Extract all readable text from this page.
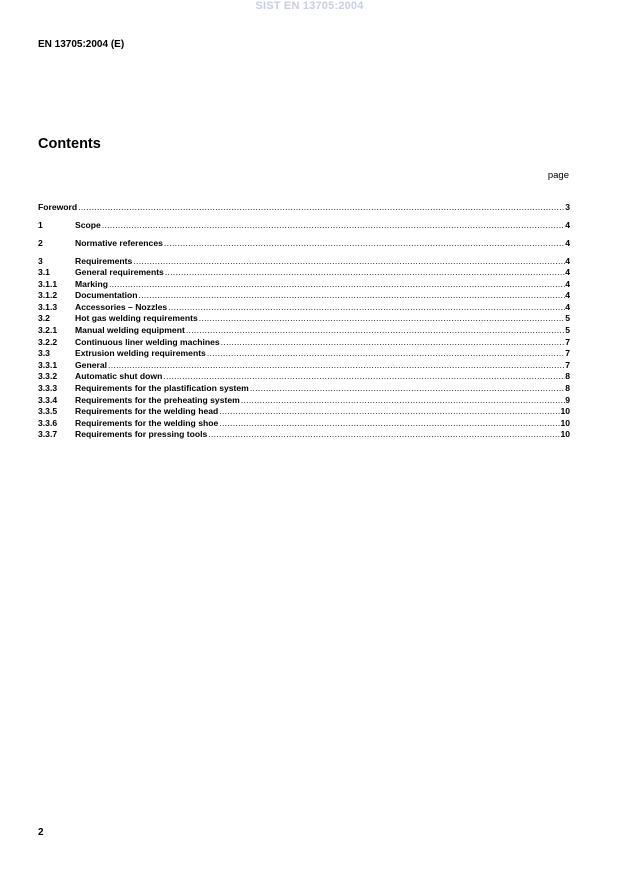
SIST EN 13705:2004
EN 13705:2004 (E)
Contents
page
Foreword .....	3
1	Scope .....	4
2	Normative references .....	4
3	Requirements .....	4
3.1	General requirements .....	4
3.1.1	Marking .....	4
3.1.2	Documentation .....	4
3.1.3	Accessories – Nozzles .....	4
3.2	Hot gas welding requirements .....	5
3.2.1	Manual welding equipment .....	5
3.2.2	Continuous liner welding machines .....	7
3.3	Extrusion welding requirements .....	7
3.3.1	General .....	7
3.3.2	Automatic shut down .....	8
3.3.3	Requirements for the plastification system .....	8
3.3.4	Requirements for the preheating system .....	9
3.3.5	Requirements for the welding head .....	10
3.3.6	Requirements for the welding shoe .....	10
3.3.7	Requirements for pressing tools .....	10
2
